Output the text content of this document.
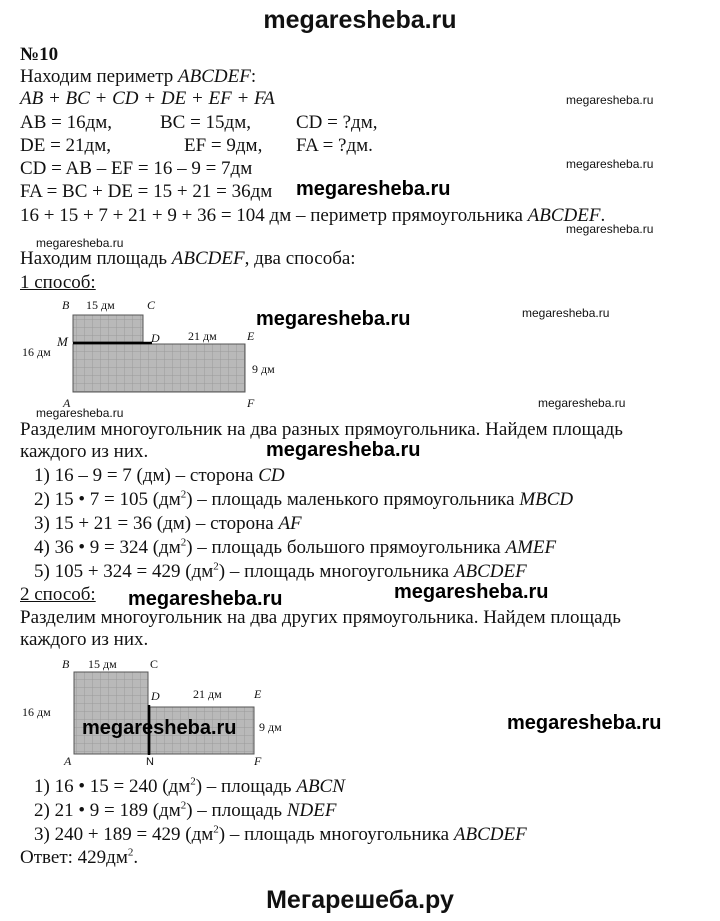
megaresheba.ru
№10
Находим периметр ABCDEF:
AB + BC + CD + DE + EF + FA
AB = 16дм,	BC = 15дм, CD = ?дм,
DE = 21дм,	EF = 9дм, FA = ?дм.
CD = AB – EF = 16 – 9 = 7дм
FA = BC + DE = 15 + 21 = 36дм
16 + 15 + 7 + 21 + 9 + 36 = 104 дм – периметр прямоугольника ABCDEF.
Находим площадь ABCDEF, два способа:
1 способ:
B 15 дм	C
M
16 дм
D 21 дм	E
9 дм
A	F
Разделим многоугольник на два разных прямоугольника. Найдем площадь
каждого из них.
1) 16 – 9 = 7 (дм) – сторона CD
2) 15 • 7 = 105 $(дм^2)$ – площадь маленького прямоугольника MBCD
3) 15 + 21 = 36 (дм) – сторона AF
4) 36 • 9 = 324 $(дм^2)$ – площадь большого прямоугольника AMEF
5) 105 + 324 = 429 $(дм^2)$ – площадь многоугольника ABCDEF
2 способ:
Разделим многоугольник на два других прямоугольника. Найдем площадь
каждого из них.
B 15 дм	C
D	21 дм	E
16 дм
9 дм
A	N	F
1) 16 • 15 = 240 $(дм^2)$ – площадь ABCN
2) 21 • 9 = 189 $(дм^2)$ – площадь NDEF
3) 240 + 189 = 429 $(дм^2)$ – площадь многоугольника ABCDEF
Ответ: $429дм^2$.
megaresheba.ru
megaresheba.ru
megaresheba.ru
megaresheba.ru
megaresheba.ru
megaresheba.ru	megaresheba.ru
megaresheba.ru
megaresheba.ru
megaresheba.ru
megaresheba.ru
megaresheba.ru
megaresheba.ru
megaresheba.ru
Мегарешеба.ру
